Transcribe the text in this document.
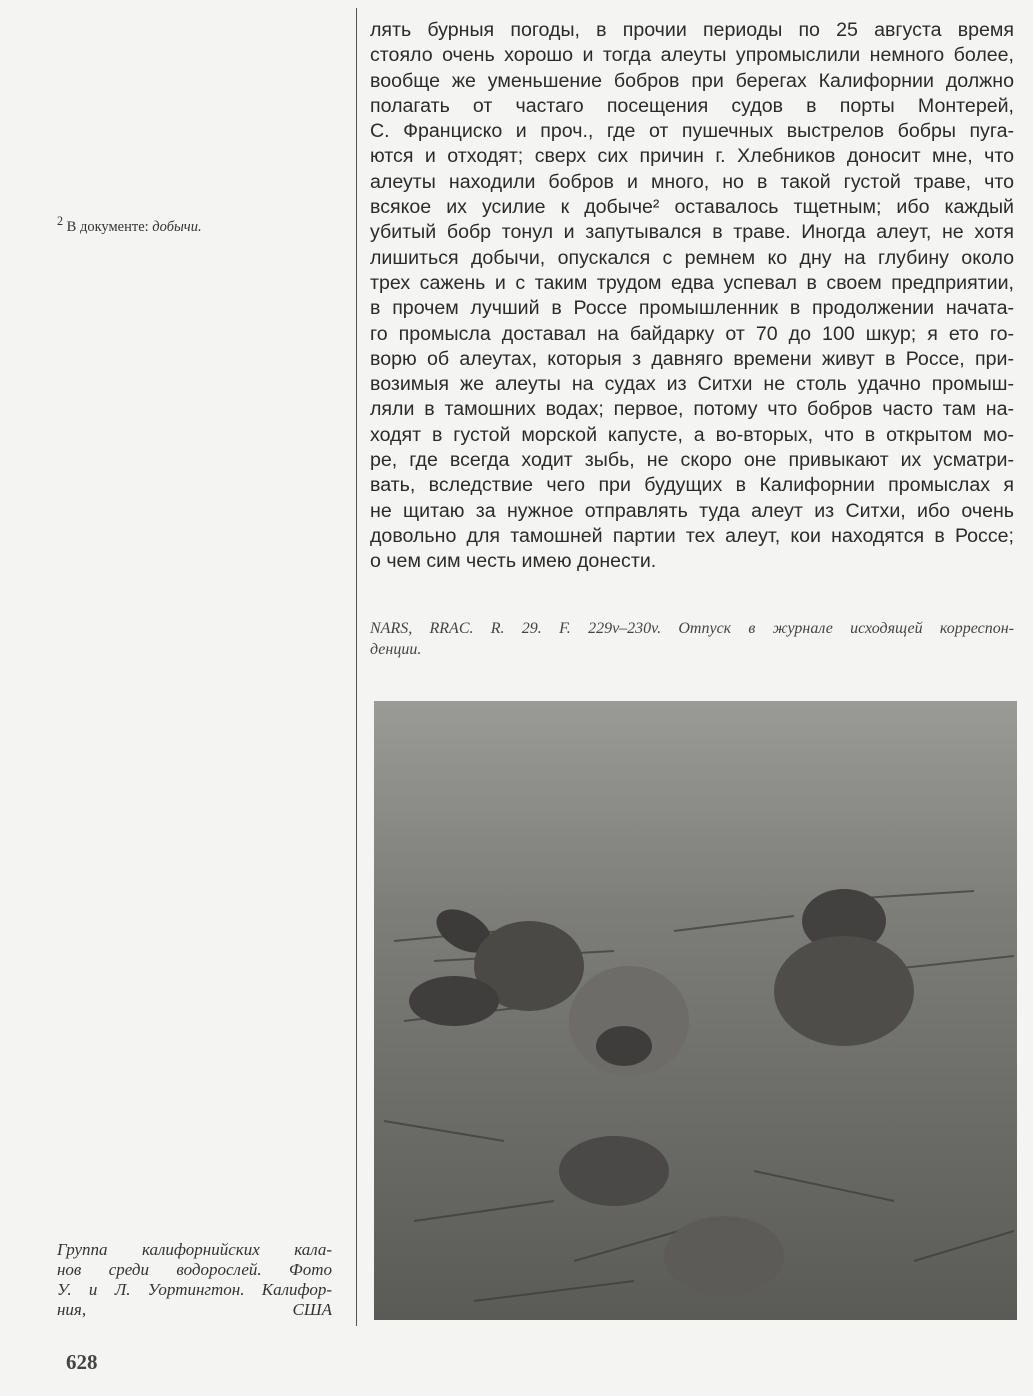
$^2$ В документе: добычи.
лять бурныя погоды, в прочии периоды по 25 августа время
стояло очень хорошо и тогда алеуты упромыслили немного более,
вообще же уменьшение бобров при берегах Калифорнии должно
полагать от частаго посещения судов в порты Монтерей,
С. Франциско и проч., где от пушечных выстрелов бобры пуга-
ются и отходят; сверх сих причин г. Хлебников доносит мне, что
алеуты находили бобров и много, но в такой густой траве, что
всякое их усилие к добыче² оставалось тщетным; ибо каждый
убитый бобр тонул и запутывался в траве. Иногда алеут, не хотя
лишиться добычи, опускался с ремнем ко дну на глубину около
трех сажень и с таким трудом едва успевал в своем предприятии,
в прочем лучший в Россе промышленник в продолжении начата-
го промысла доставал на байдарку от 70 до 100 шкур; я ето го-
ворю об алеутах, которыя з давняго времени живут в Россе, при-
возимыя же алеуты на судах из Ситхи не столь удачно промыш-
ляли в тамошних водах; первое, потому что бобров часто там на-
ходят в густой морской капусте, а во-вторых, что в открытом мо-
ре, где всегда ходит зыбь, не скоро оне привыкают их усматри-
вать, вследствие чего при будущих в Калифорнии промыслах я
не щитаю за нужное отправлять туда алеут из Ситхи, ибо очень
довольно для тамошней партии тех алеут, кои находятся в Россе;
о чем сим честь имею донести.
NARS, RRAC. R. 29. F. 229v–230v. Отпуск в журнале исходящей корреспон-
денции.
Группа калифорнийских кала-
нов среди водорослей. Фото
У. и Л. Уортингтон. Калифор-
ния, США
628
